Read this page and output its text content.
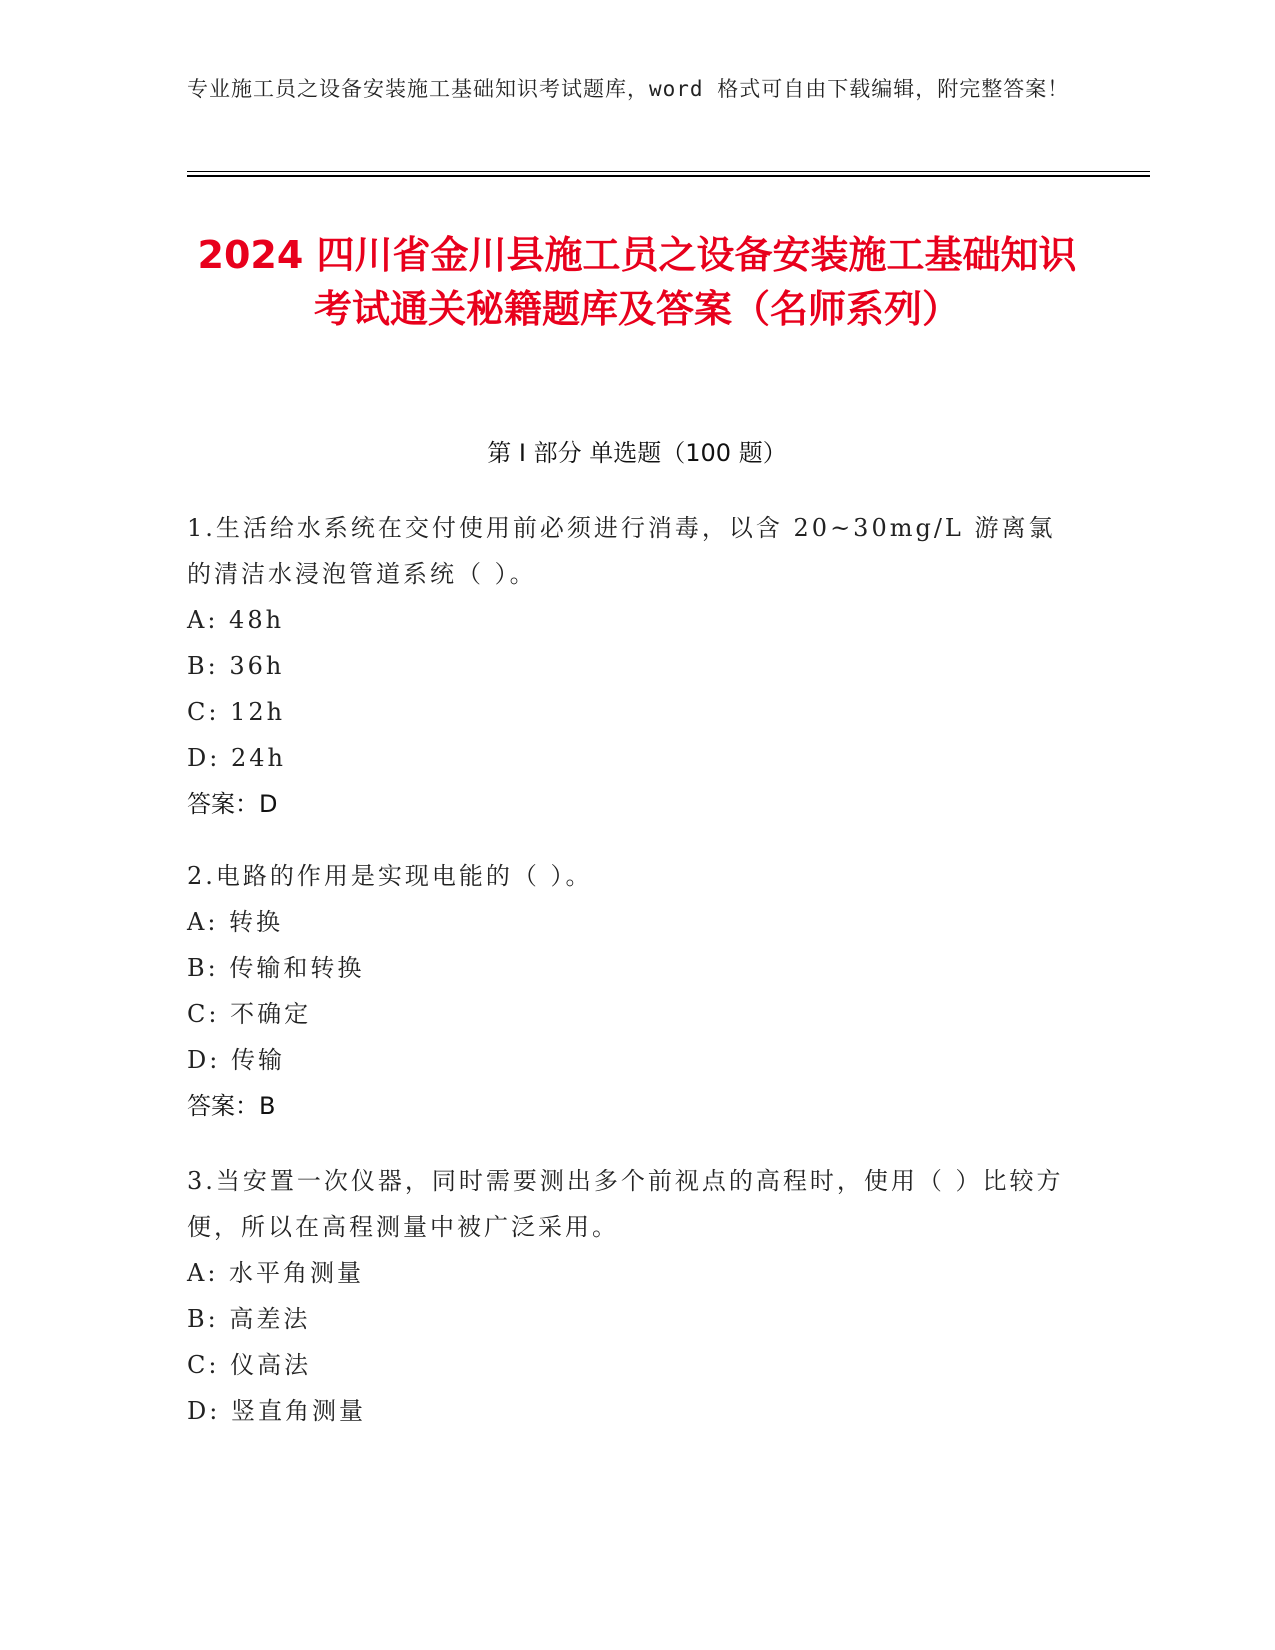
专业施工员之设备安装施工基础知识考试题库，word 格式可自由下载编辑，附完整答案！
2024 四川省金川县施工员之设备安装施工基础知识考试通关秘籍题库及答案（名师系列）
第 I 部分 单选题（100 题）
1.生活给水系统在交付使用前必须进行消毒，以含 20~30mg/L 游离氯的清洁水浸泡管道系统（ ）。
A: 48h
B: 36h
C: 12h
D: 24h
答案：D
2.电路的作用是实现电能的（ ）。
A: 转换
B: 传输和转换
C: 不确定
D: 传输
答案：B
3.当安置一次仪器，同时需要测出多个前视点的高程时，使用（ ）比较方便，所以在高程测量中被广泛采用。
A: 水平角测量
B: 高差法
C: 仪高法
D: 竖直角测量
